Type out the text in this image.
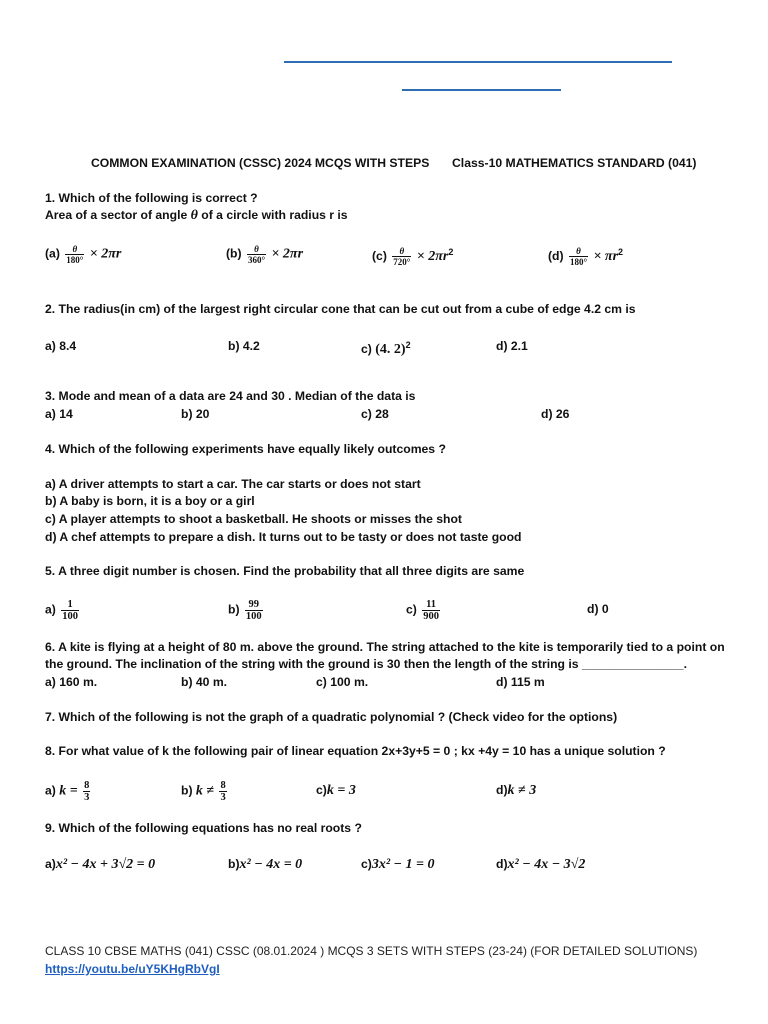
COMMON EXAMINATION (CSSC) 2024 MCQS WITH STEPS Class-10 MATHEMATICS STANDARD (041)
1. Which of the following is correct ?
Area of a sector of angle θ of a circle with radius r is
$(a) \frac{\theta}{180^\circ} \times 2\pi r$	$(b) \frac{\theta}{360^\circ} \times 2\pi r$	$(c) \frac{\theta}{720^\circ} \times 2\pi r^2$	$(d) \frac{\theta}{180^\circ} \times \pi r^2$
2. The radius(in cm) of the largest right circular cone that can be cut out from a cube of edge 4.2 cm is
a) 8.4	b) 4.2	c) (4. 2)$^2$	d) 2.1
3. Mode and mean of a data are 24 and 30 . Median of the data is
a) 14	b) 20	c) 28	d) 26
4. Which of the following experiments have equally likely outcomes ?
a) A driver attempts to start a car. The car starts or does not start
b) A baby is born, it is a boy or a girl
c) A player attempts to shoot a basketball. He shoots or misses the shot
d) A chef attempts to prepare a dish. It turns out to be tasty or does not taste good
5. A three digit number is chosen. Find the probability that all three digits are same
$a) \frac{1}{100}$	$b) \frac{99}{100}$	$c) \frac{11}{900}$	d) 0
6. A kite is flying at a height of 80 m. above the ground. The string attached to the kite is temporarily tied to a point on
the ground. The inclination of the string with the ground is 30 then the length of the string is _______________.
a) 160 m.	b) 40 m.	c) 100 m.	d) 115 m
7. Which of the following is not the graph of a quadratic polynomial ? (Check video for the options)
8. For what value of k the following pair of linear equation 2x+3y+5 = 0 ; kx +4y = 10 has a unique solution ?
a) $k = \frac{8}{3}$	b) $k \ne \frac{8}{3}$	c)k = 3	d)k ≠ 3
9. Which of the following equations has no real roots ?
a)x² − 4x + 3√2 = 0	b)x² − 4x = 0	c)3x² − 1 = 0	d)x² − 4x − 3√2
CLASS 10 CBSE MATHS (041) CSSC (08.01.2024 ) MCQS 3 SETS WITH STEPS (23-24) (FOR DETAILED SOLUTIONS)
https://youtu.be/uY5KHgRbVgI
